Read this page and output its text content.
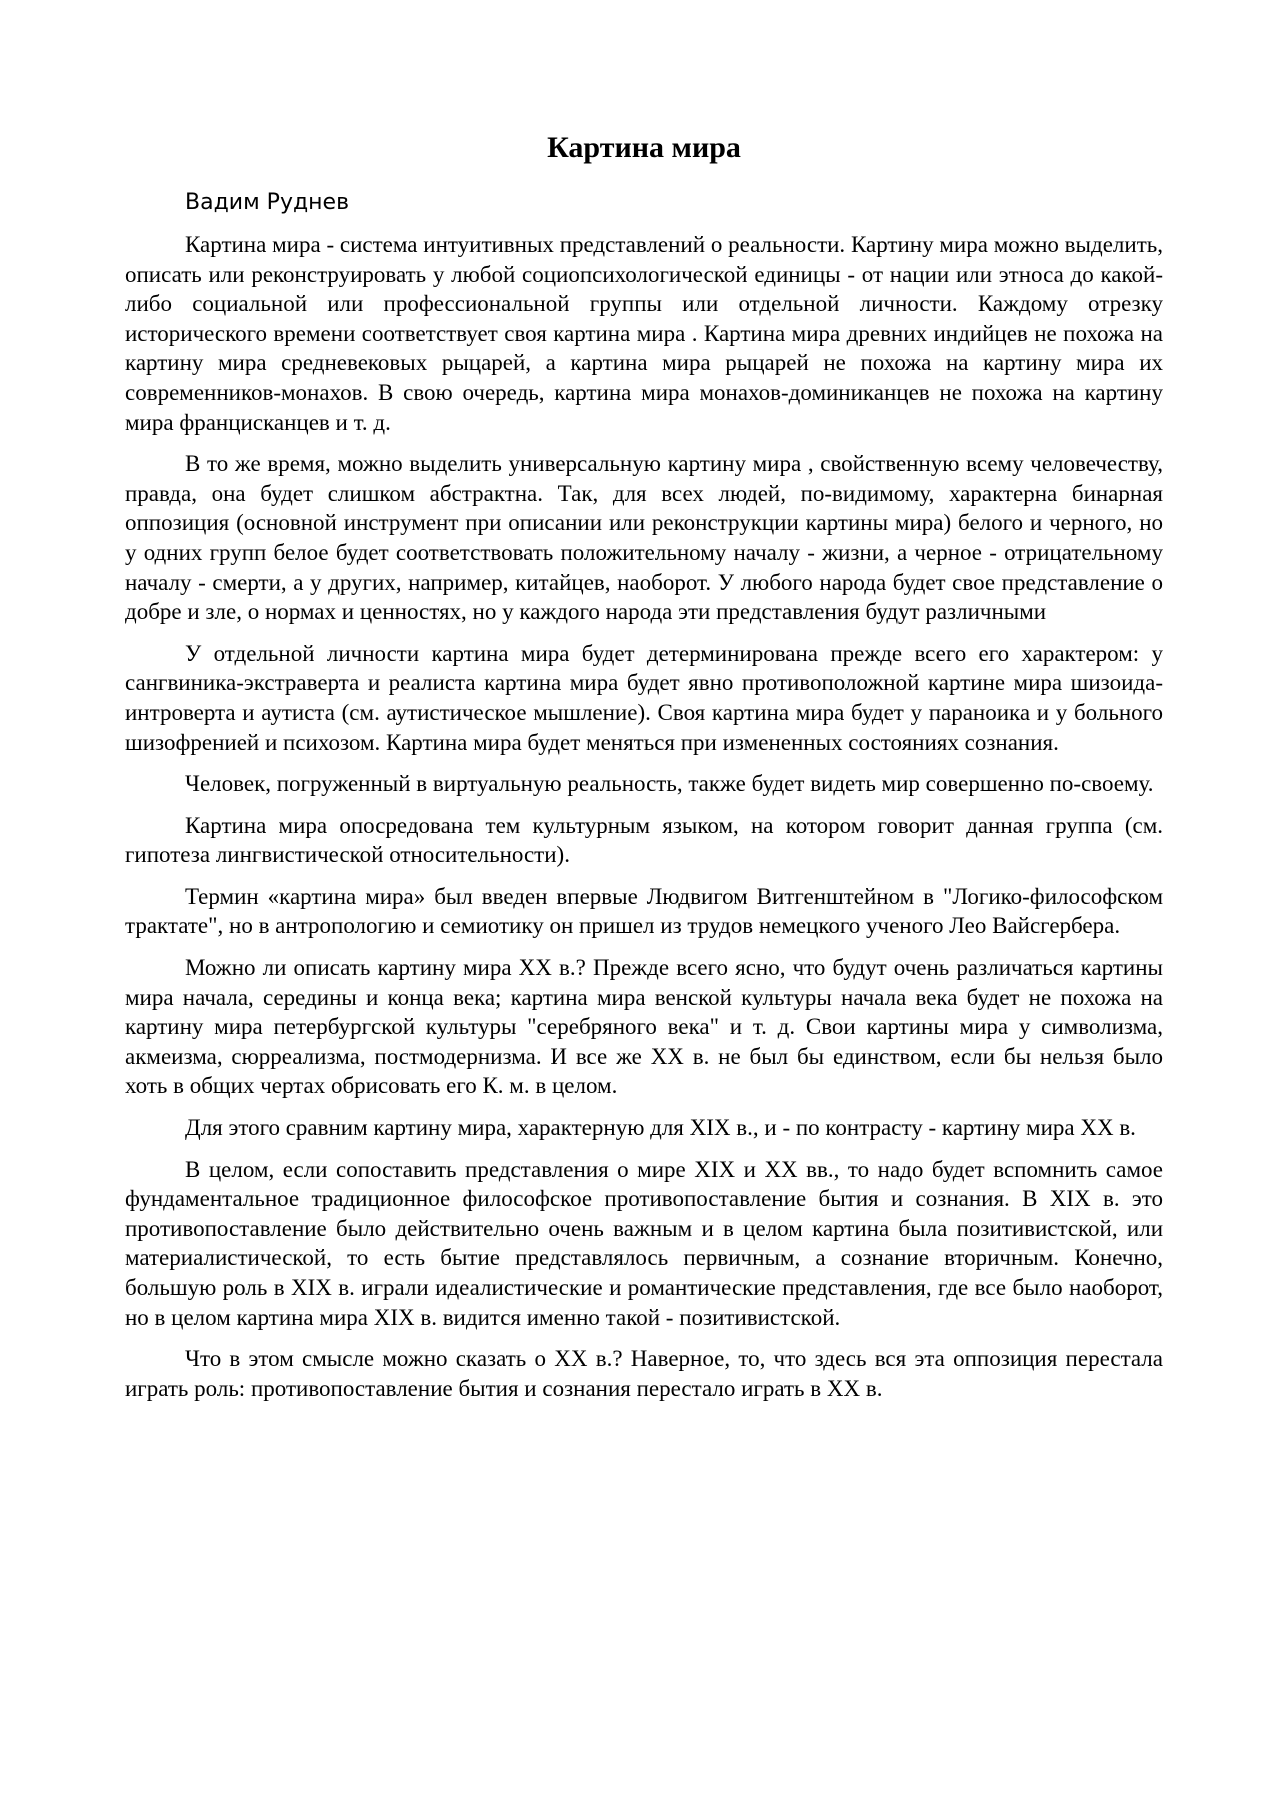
Картина мира
Вадим Руднев

Картина мира - система интуитивных представлений о реальности. Картину мира можно выделить, описать или реконструировать у любой социопсихологической единицы - от нации или этноса до какой-либо социальной или профессиональной группы или отдельной личности. Каждому отрезку исторического времени соответствует своя картина мира . Картина мира древних индийцев не похожа на картину мира средневековых рыцарей, а картина мира рыцарей не похожа на картину мира их современников-монахов. В свою очередь, картина мира монахов-доминиканцев не похожа на картину мира францисканцев и т. д.

В то же время, можно выделить универсальную картину мира , свойственную всему человечеству, правда, она будет слишком абстрактна. Так, для всех людей, по-видимому, характерна бинарная оппозиция (основной инструмент при описании или реконструкции картины мира) белого и черного, но у одних групп белое будет соответствовать положительному началу - жизни, а черное - отрицательному началу - смерти, а у других, например, китайцев, наоборот. У любого народа будет свое представление о добре и зле, о нормах и ценностях, но у каждого народа эти представления будут различными

У отдельной личности картина мира будет детерминирована прежде всего его характером: у сангвиника-экстраверта и реалиста картина мира будет явно противоположной картине мира шизоида-интроверта и аутиста (см. аутистическое мышление). Своя картина мира будет у параноика и у больного шизофренией и психозом. Картина мира будет меняться при измененных состояниях сознания.

Человек, погруженный в виртуальную реальность, также будет видеть мир совершенно по-своему.

Картина мира опосредована тем культурным языком, на котором говорит данная группа (см. гипотеза лингвистической относительности).

Термин «картина мира» был введен впервые Людвигом Витгенштейном в "Логико-философском трактате", но в антропологию и семиотику он пришел из трудов немецкого ученого Лео Вайсгербера.

Можно ли описать картину мира XX в.? Прежде всего ясно, что будут очень различаться картины мира начала, середины и конца века; картина мира венской культуры начала века будет не похожа на картину мира петербургской культуры "серебряного века" и т. д. Свои картины мира у символизма, акмеизма, сюрреализма, постмодернизма. И все же XX в. не был бы единством, если бы нельзя было хоть в общих чертах обрисовать его К. м. в целом.

Для этого сравним картину мира, характерную для XIX в., и - по контрасту - картину мира XX в.

В целом, если сопоставить представления о мире XIX и XX вв., то надо будет вспомнить самое фундаментальное традиционное философское противопоставление бытия и сознания. В XIX в. это противопоставление было действительно очень важным и в целом картина была позитивистской, или материалистической, то есть бытие представлялось первичным, а сознание вторичным. Конечно, большую роль в XIX в. играли идеалистические и романтические представления, где все было наоборот, но в целом картина мира XIX в. видится именно такой - позитивистской.

Что в этом смысле можно сказать о XX в.? Наверное, то, что здесь вся эта оппозиция перестала играть роль: противопоставление бытия и сознания перестало играть в XX в.
